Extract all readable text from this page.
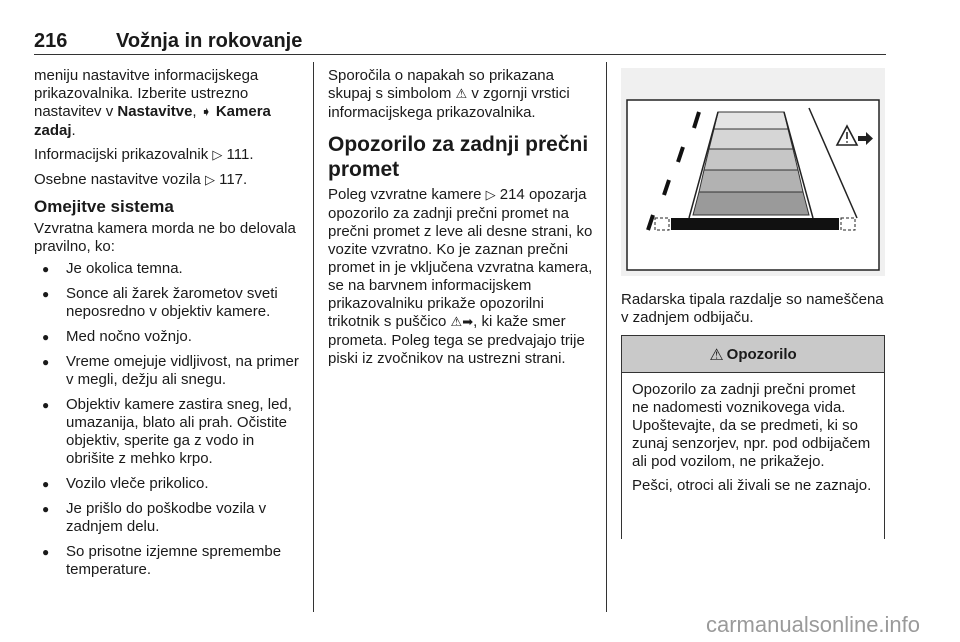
216 Vožnja in rokovanje

meniju nastavitve informacijskega prikazovalnika. Izberite ustrezno nastavitev v Nastavitve, ➧ Kamera zadaj.

Informacijski prikazovalnik ▷ 111.

Osebne nastavitve vozila ▷ 117.

Omejitve sistema

Vzvratna kamera morda ne bo delovala pravilno, ko:

● Je okolica temna.
● Sonce ali žarek žarometov sveti neposredno v objektiv kamere.
● Med nočno vožnjo.
● Vreme omejuje vidljivost, na primer v megli, dežju ali snegu.
● Objektiv kamere zastira sneg, led, umazanija, blato ali prah. Očistite objektiv, sperite ga z vodo in obrišite z mehko krpo.
● Vozilo vleče prikolico.
● Je prišlo do poškodbe vozila v zadnjem delu.
● So prisotne izjemne spremembe temperature.

Sporočila o napakah so prikazana skupaj s simbolom ⚠ v zgornji vrstici informacijskega prikazovalnika.

Opozorilo za zadnji prečni promet

Poleg vzvratne kamere ▷ 214 opozarja opozorilo za zadnji prečni promet na prečni promet z leve ali desne strani, ko vozite vzvratno. Ko je zaznan prečni promet in je vključena vzvratna kamera, se na barvnem informacijskem prikazovalniku prikaže opozorilni trikotnik s puščico ⚠➡, ki kaže smer prometa. Poleg tega se predvajajo trije piski iz zvočnikov na ustrezni strani.

Radarska tipala razdalje so nameščena v zadnjem odbijaču.

⚠ Opozorilo

Opozorilo za zadnji prečni promet ne nadomesti voznikovega vida. Upoštevajte, da se predmeti, ki so zunaj senzorjev, npr. pod odbijačem ali pod vozilom, ne prikažejo.

Pešci, otroci ali živali se ne zaznajo.

carmanualsonline.info
